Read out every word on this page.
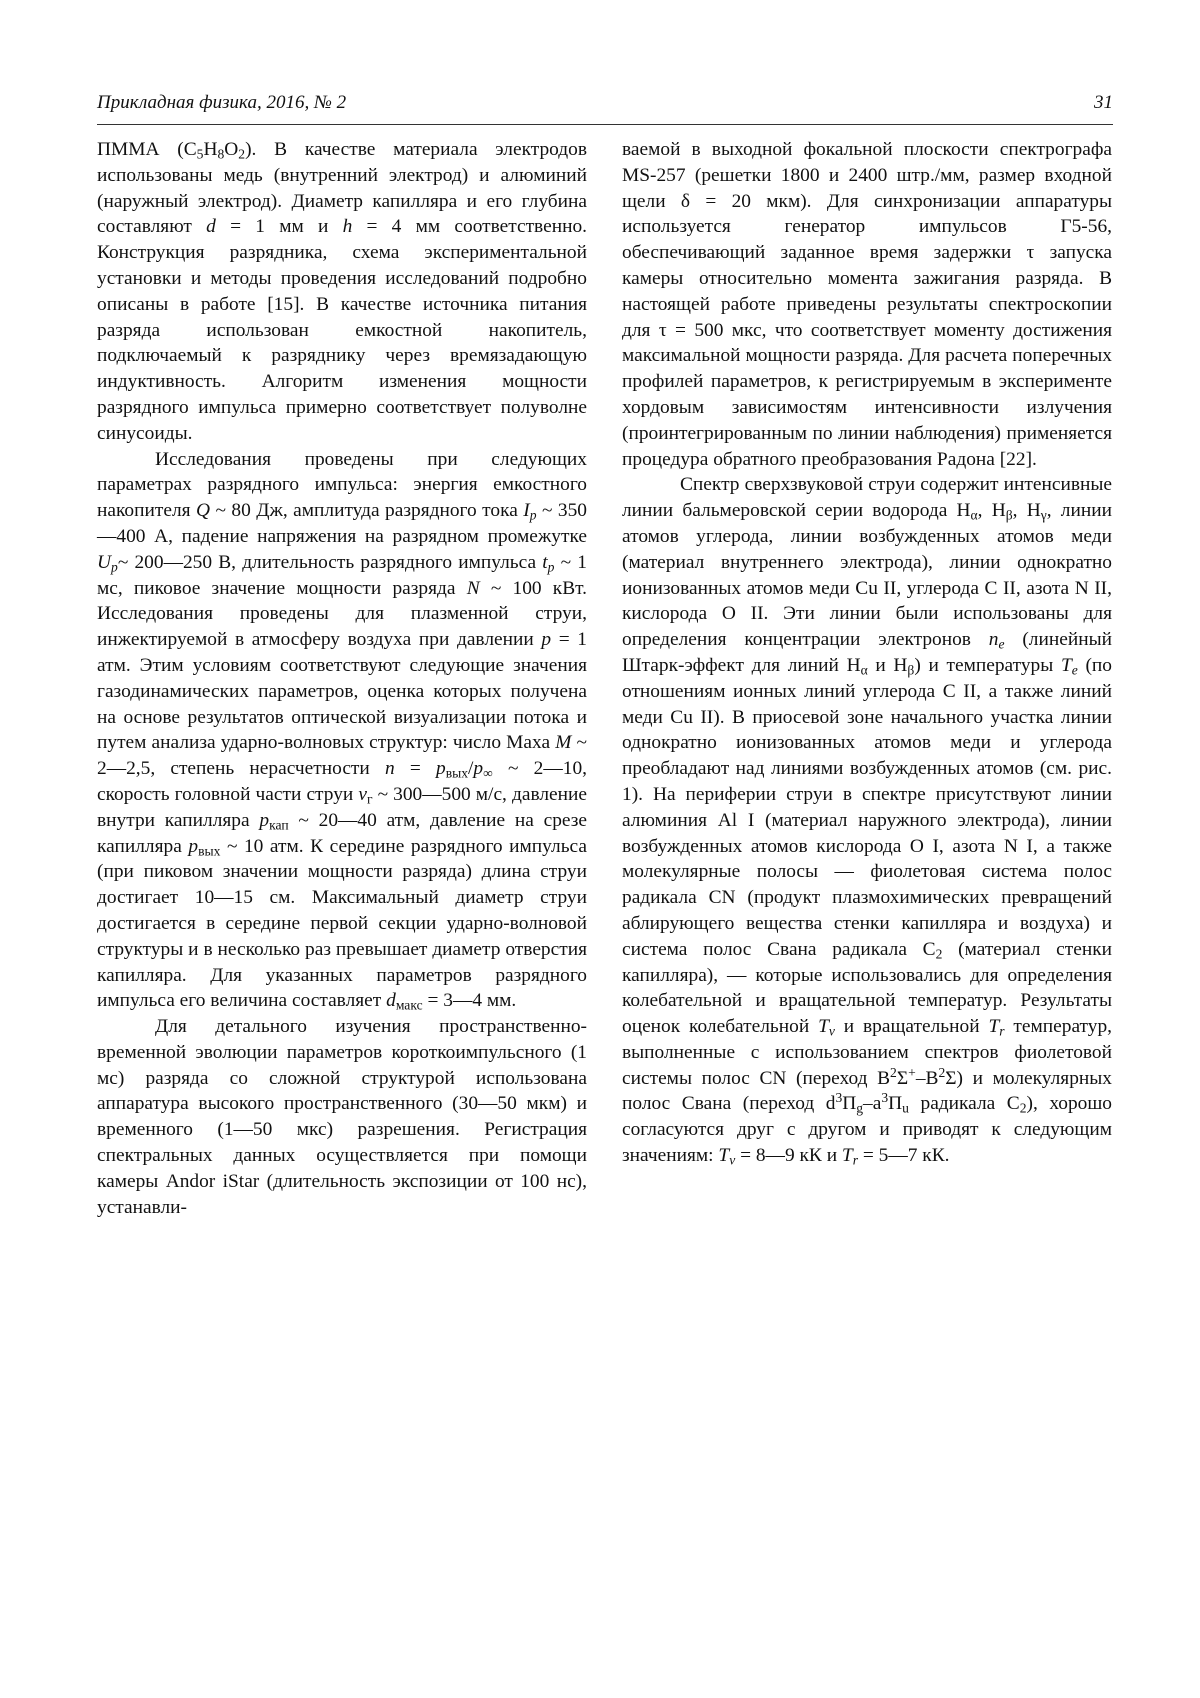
Прикладная физика, 2016, № 2	31

ПММА $(C_5H_8O_2)$. В качестве материала электродов использованы медь (внутренний электрод) и алюминий (наружный электрод). Диаметр капилляра и его глубина составляют d = 1 мм и h = 4 мм соответственно. Конструкция разрядника, схема экспериментальной установки и методы проведения исследований подробно описаны в работе [15]. В качестве источника питания разряда использован емкостной накопитель, подключаемый к разряднику через времязадающую индуктивность. Алгоритм изменения мощности разрядного импульса примерно соответствует полуволне синусоиды.

Исследования проведены при следующих параметрах разрядного импульса: энергия емкостного накопителя Q ~ 80 Дж, амплитуда разрядного тока $I_p$ ~ 350—400 А, падение напряжения на разрядном промежутке $U_p\sim$ 200—250 В, длительность разрядного импульса $t_p$ ~ 1 мс, пиковое значение мощности разряда N ~ 100 кВт. Исследования проведены для плазменной струи, инжектируемой в атмосферу воздуха при давлении p = 1 атм. Этим условиям соответствуют следующие значения газодинамических параметров, оценка которых получена на основе результатов оптической визуализации потока и путем анализа ударно-волновых структур: число Маха M ~ 2—2,5, степень нерасчетности $n = p_{вых}/p_\infty$ ~ 2—10, скорость головной части струи $v_г$ ~ 300—500 м/с, давление внутри капилляра $p_{кап}$ ~ 20—40 атм, давление на срезе капилляра $p_{вых}$ ~ 10 атм. К середине разрядного импульса (при пиковом значении мощности разряда) длина струи достигает 10—15 см. Максимальный диаметр струи достигается в середине первой секции ударно-волновой структуры и в несколько раз превышает диаметр отверстия капилляра. Для указанных параметров разрядного импульса его величина составляет $d_{макс}$ = 3—4 мм.

Для детального изучения пространственно-временной эволюции параметров короткоимпульсного (1 мс) разряда со сложной структурой использована аппаратура высокого пространственного (30—50 мкм) и временного (1—50 мкс) разрешения. Регистрация спектральных данных осуществляется при помощи камеры Andor iStar (длительность экспозиции от 100 нс), устанавли-

ваемой в выходной фокальной плоскости спектрографа MS-257 (решетки 1800 и 2400 штр./мм, размер входной щели δ = 20 мкм). Для синхронизации аппаратуры используется генератор импульсов Г5-56, обеспечивающий заданное время задержки τ запуска камеры относительно момента зажигания разряда. В настоящей работе приведены результаты спектроскопии для τ = 500 мкс, что соответствует моменту достижения максимальной мощности разряда. Для расчета поперечных профилей параметров, к регистрируемым в эксперименте хордовым зависимостям интенсивности излучения (проинтегрированным по линии наблюдения) применяется процедура обратного преобразования Радона [22].

Спектр сверхзвуковой струи содержит интенсивные линии бальмеровской серии водорода $H_\alpha$, $H_\beta$, $H_\gamma$, линии атомов углерода, линии возбужденных атомов меди (материал внутреннего электрода), линии однократно ионизованных атомов меди Cu II, углерода C II, азота N II, кислорода O II. Эти линии были использованы для определения концентрации электронов $n_e$ (линейный Штарк-эффект для линий $H_\alpha$ и $H_\beta$) и температуры $T_e$ (по отношениям ионных линий углерода C II, а также линий меди Cu II). В приосевой зоне начального участка линии однократно ионизованных атомов меди и углерода преобладают над линиями возбужденных атомов (см. рис. 1). На периферии струи в спектре присутствуют линии алюминия Al I (материал наружного электрода), линии возбужденных атомов кислорода O I, азота N I, а также молекулярные полосы — фиолетовая система полос радикала CN (продукт плазмохимических превращений аблирующего вещества стенки капилляра и воздуха) и система полос Свана радикала $C_2$ (материал стенки капилляра), — которые использовались для определения колебательной и вращательной температур. Результаты оценок колебательной $T_v$ и вращательной $T_r$ температур, выполненные с использованием спектров фиолетовой системы полос CN (переход $B^2\Sigma^+-B^2\Sigma$) и молекулярных полос Свана (переход $d^3\Pi_g-a^3\Pi_u$ радикала $C_2$), хорошо согласуются друг с другом и приводят к следующим значениям: $T_v$ = 8—9 кК и $T_r$ = 5—7 кК.
